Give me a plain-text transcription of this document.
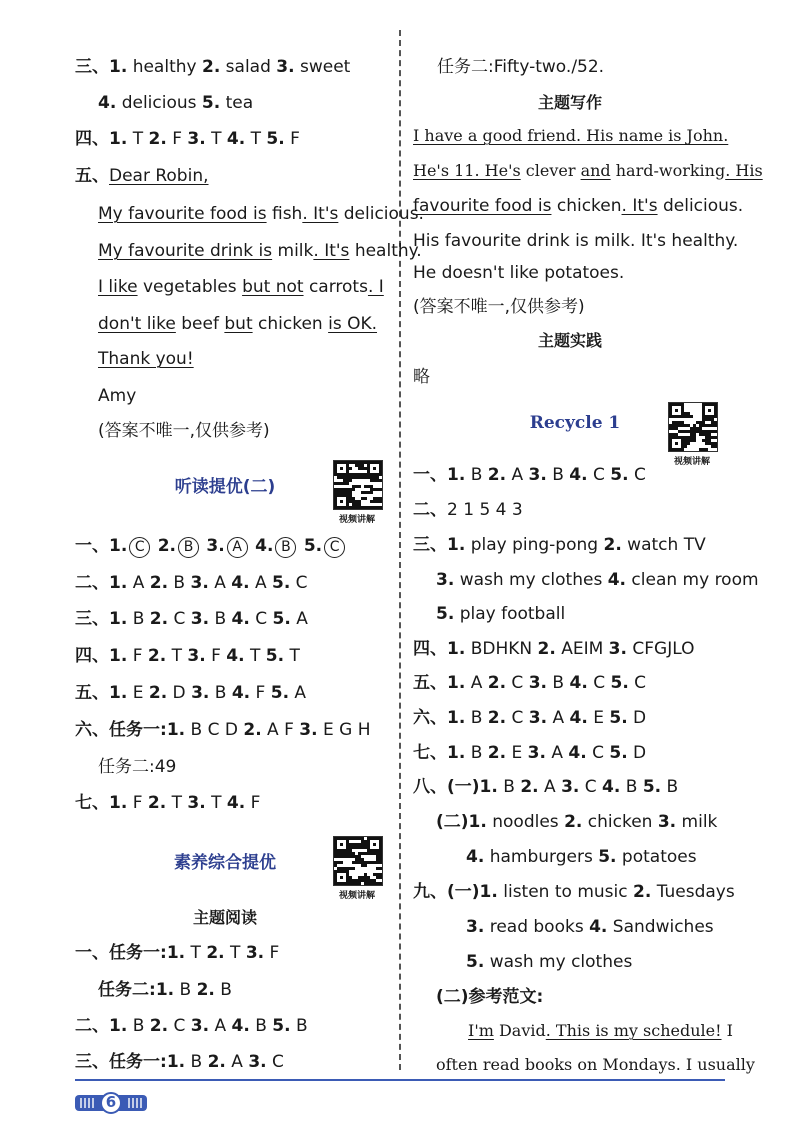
三、1. healthy 2. salad 3. sweet
4. delicious 5. tea
四、1. T 2. F 3. T 4. T 5. F
五、Dear Robin,
My favourite food is fish. It's delicious.
My favourite drink is milk. It's healthy.
I like vegetables but not carrots. I
don't like beef but chicken is OK.
Thank you!
Amy
(答案不唯一,仅供参考)
一、1. C 2. B 3. A 4. B 5. C
二、1. A 2. B 3. A 4. A 5. C
三、1. B 2. C 3. B 4. C 5. A
四、1. F 2. T 3. F 4. T 5. T
五、1. E 2. D 3. B 4. F 5. A
六、任务一:1. B C D 2. A F 3. E G H
任务二:49
七、1. F 2. T 3. T 4. F
一、任务一:1. T 2. T 3. F
任务二:1. B 2. B
二、1. B 2. C 3. A 4. B 5. B
三、任务一:1. B 2. A 3. C
任务二:Fifty-two./52.
I have a good friend. His name is John.
He's 11. He's clever and hard-working. His
favourite food is chicken. It's delicious.
His favourite drink is milk. It's healthy.
He doesn't like potatoes.
(答案不唯一,仅供参考)
略
一、1. B 2. A 3. B 4. C 5. C
二、2 1 5 4 3
三、1. play ping-pong 2. watch TV
3. wash my clothes 4. clean my room
5. play football
四、1. BDHKN 2. AEIM 3. CFGJLO
五、1. A 2. C 3. B 4. C 5. C
六、1. B 2. C 3. A 4. E 5. D
七、1. B 2. E 3. A 4. C 5. D
八、(一)1. B 2. A 3. C 4. B 5. B
(二)1. noodles 2. chicken 3. milk
4. hamburgers 5. potatoes
九、(一)1. listen to music 2. Tuesdays
3. read books 4. Sandwiches
5. wash my clothes
(二)参考范文:
I'm David. This is my schedule! I
often read books on Mondays. I usually
听读提优(二)
视频讲解
素养综合提优
视频讲解
主题阅读
主题写作
主题实践
Recycle 1
视频讲解
6
